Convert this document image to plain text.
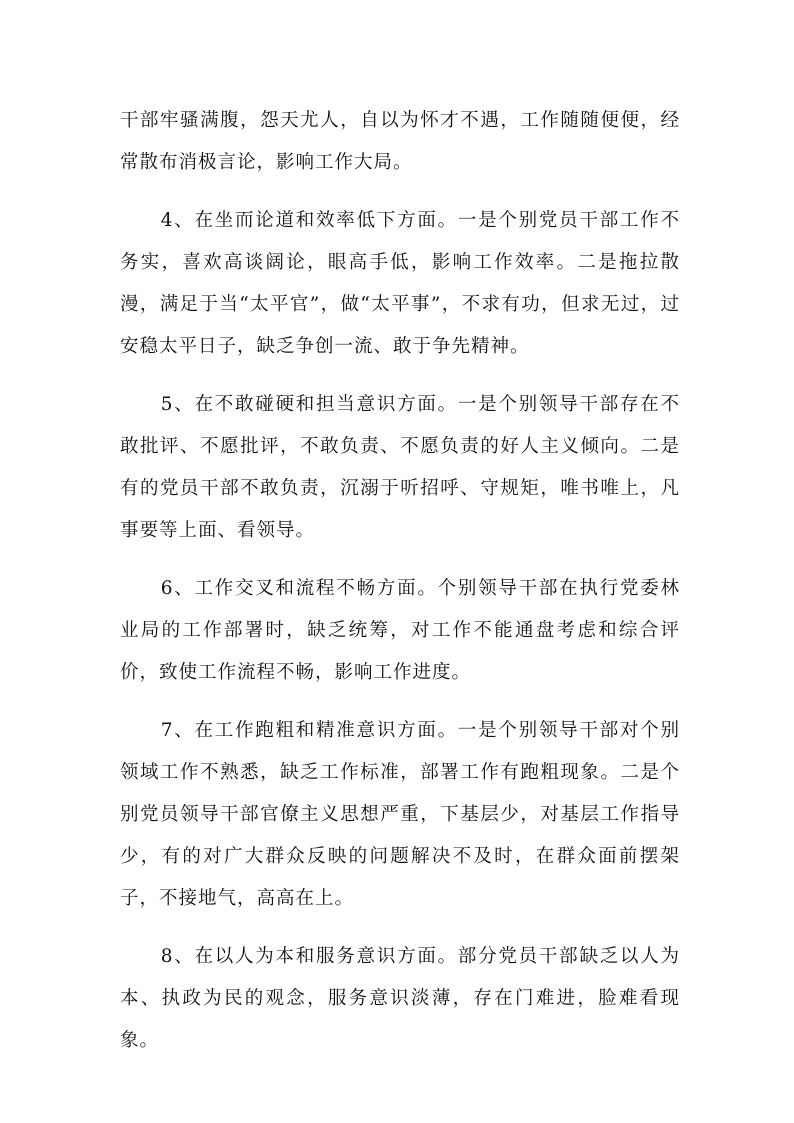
干部牢骚满腹，怨天尤人，自以为怀才不遇，工作随随便便，经常散布消极言论，影响工作大局。

4、在坐而论道和效率低下方面。一是个别党员干部工作不务实，喜欢高谈阔论，眼高手低，影响工作效率。二是拖拉散漫，满足于当“太平官”，做“太平事”，不求有功，但求无过，过安稳太平日子，缺乏争创一流、敢于争先精神。

5、在不敢碰硬和担当意识方面。一是个别领导干部存在不敢批评、不愿批评，不敢负责、不愿负责的好人主义倾向。二是有的党员干部不敢负责，沉溺于听招呼、守规矩，唯书唯上，凡事要等上面、看领导。

6、工作交叉和流程不畅方面。个别领导干部在执行党委林业局的工作部署时，缺乏统筹，对工作不能通盘考虑和综合评价，致使工作流程不畅，影响工作进度。

7、在工作跑粗和精准意识方面。一是个别领导干部对个别领域工作不熟悉，缺乏工作标准，部署工作有跑粗现象。二是个别党员领导干部官僚主义思想严重，下基层少，对基层工作指导少，有的对广大群众反映的问题解决不及时，在群众面前摆架子，不接地气，高高在上。

8、在以人为本和服务意识方面。部分党员干部缺乏以人为本、执政为民的观念，服务意识淡薄，存在门难进，脸难看现象。
